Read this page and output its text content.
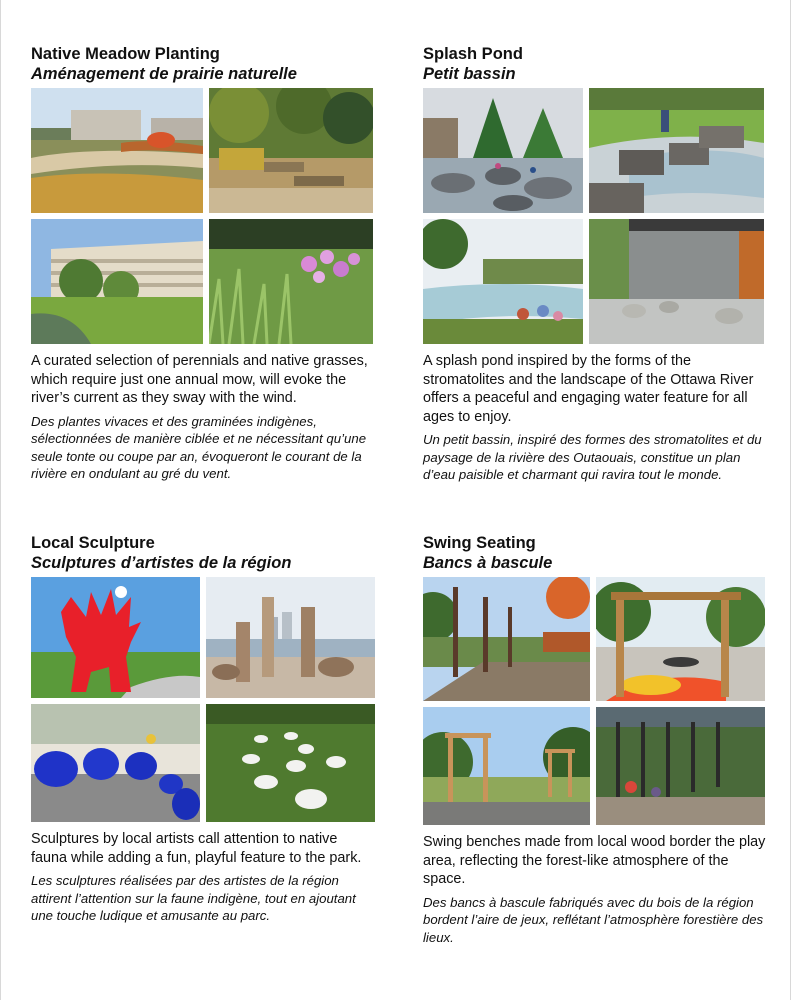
Native Meadow Planting
Aménagement de prairie naturelle
A curated selection of perennials and native grasses, which require just one annual mow, will evoke the river’s current as they sway with the wind.
Des plantes vivaces et des graminées indigènes, sélectionnées de manière ciblée et ne nécessitant qu’une seule tonte ou coupe par an, évoqueront le courant de la rivière en ondulant au gré du vent.
Splash Pond
Petit bassin
A splash pond inspired by the forms of the stromatolites and the landscape of the Ottawa River offers a peaceful and engaging water feature for all ages to enjoy.
Un petit bassin, inspiré des formes des stromatolites et du paysage de la rivière des Outaouais, constitue un plan d’eau paisible et charmant qui ravira tout le monde.
Local Sculpture
Sculptures d’artistes de la région
Sculptures by local artists call attention to native fauna while adding a fun, playful feature to the park.
Les sculptures réalisées par des artistes de la région attirent l’attention sur la faune indigène, tout en ajoutant une touche ludique et amusante au parc.
Swing Seating
Bancs à bascule
Swing benches made from local wood border the play area, reflecting the forest-like atmosphere of the space.
Des bancs à bascule fabriqués avec du bois de la région bordent l’aire de jeux, reflétant l’atmosphère forestière des lieux.
